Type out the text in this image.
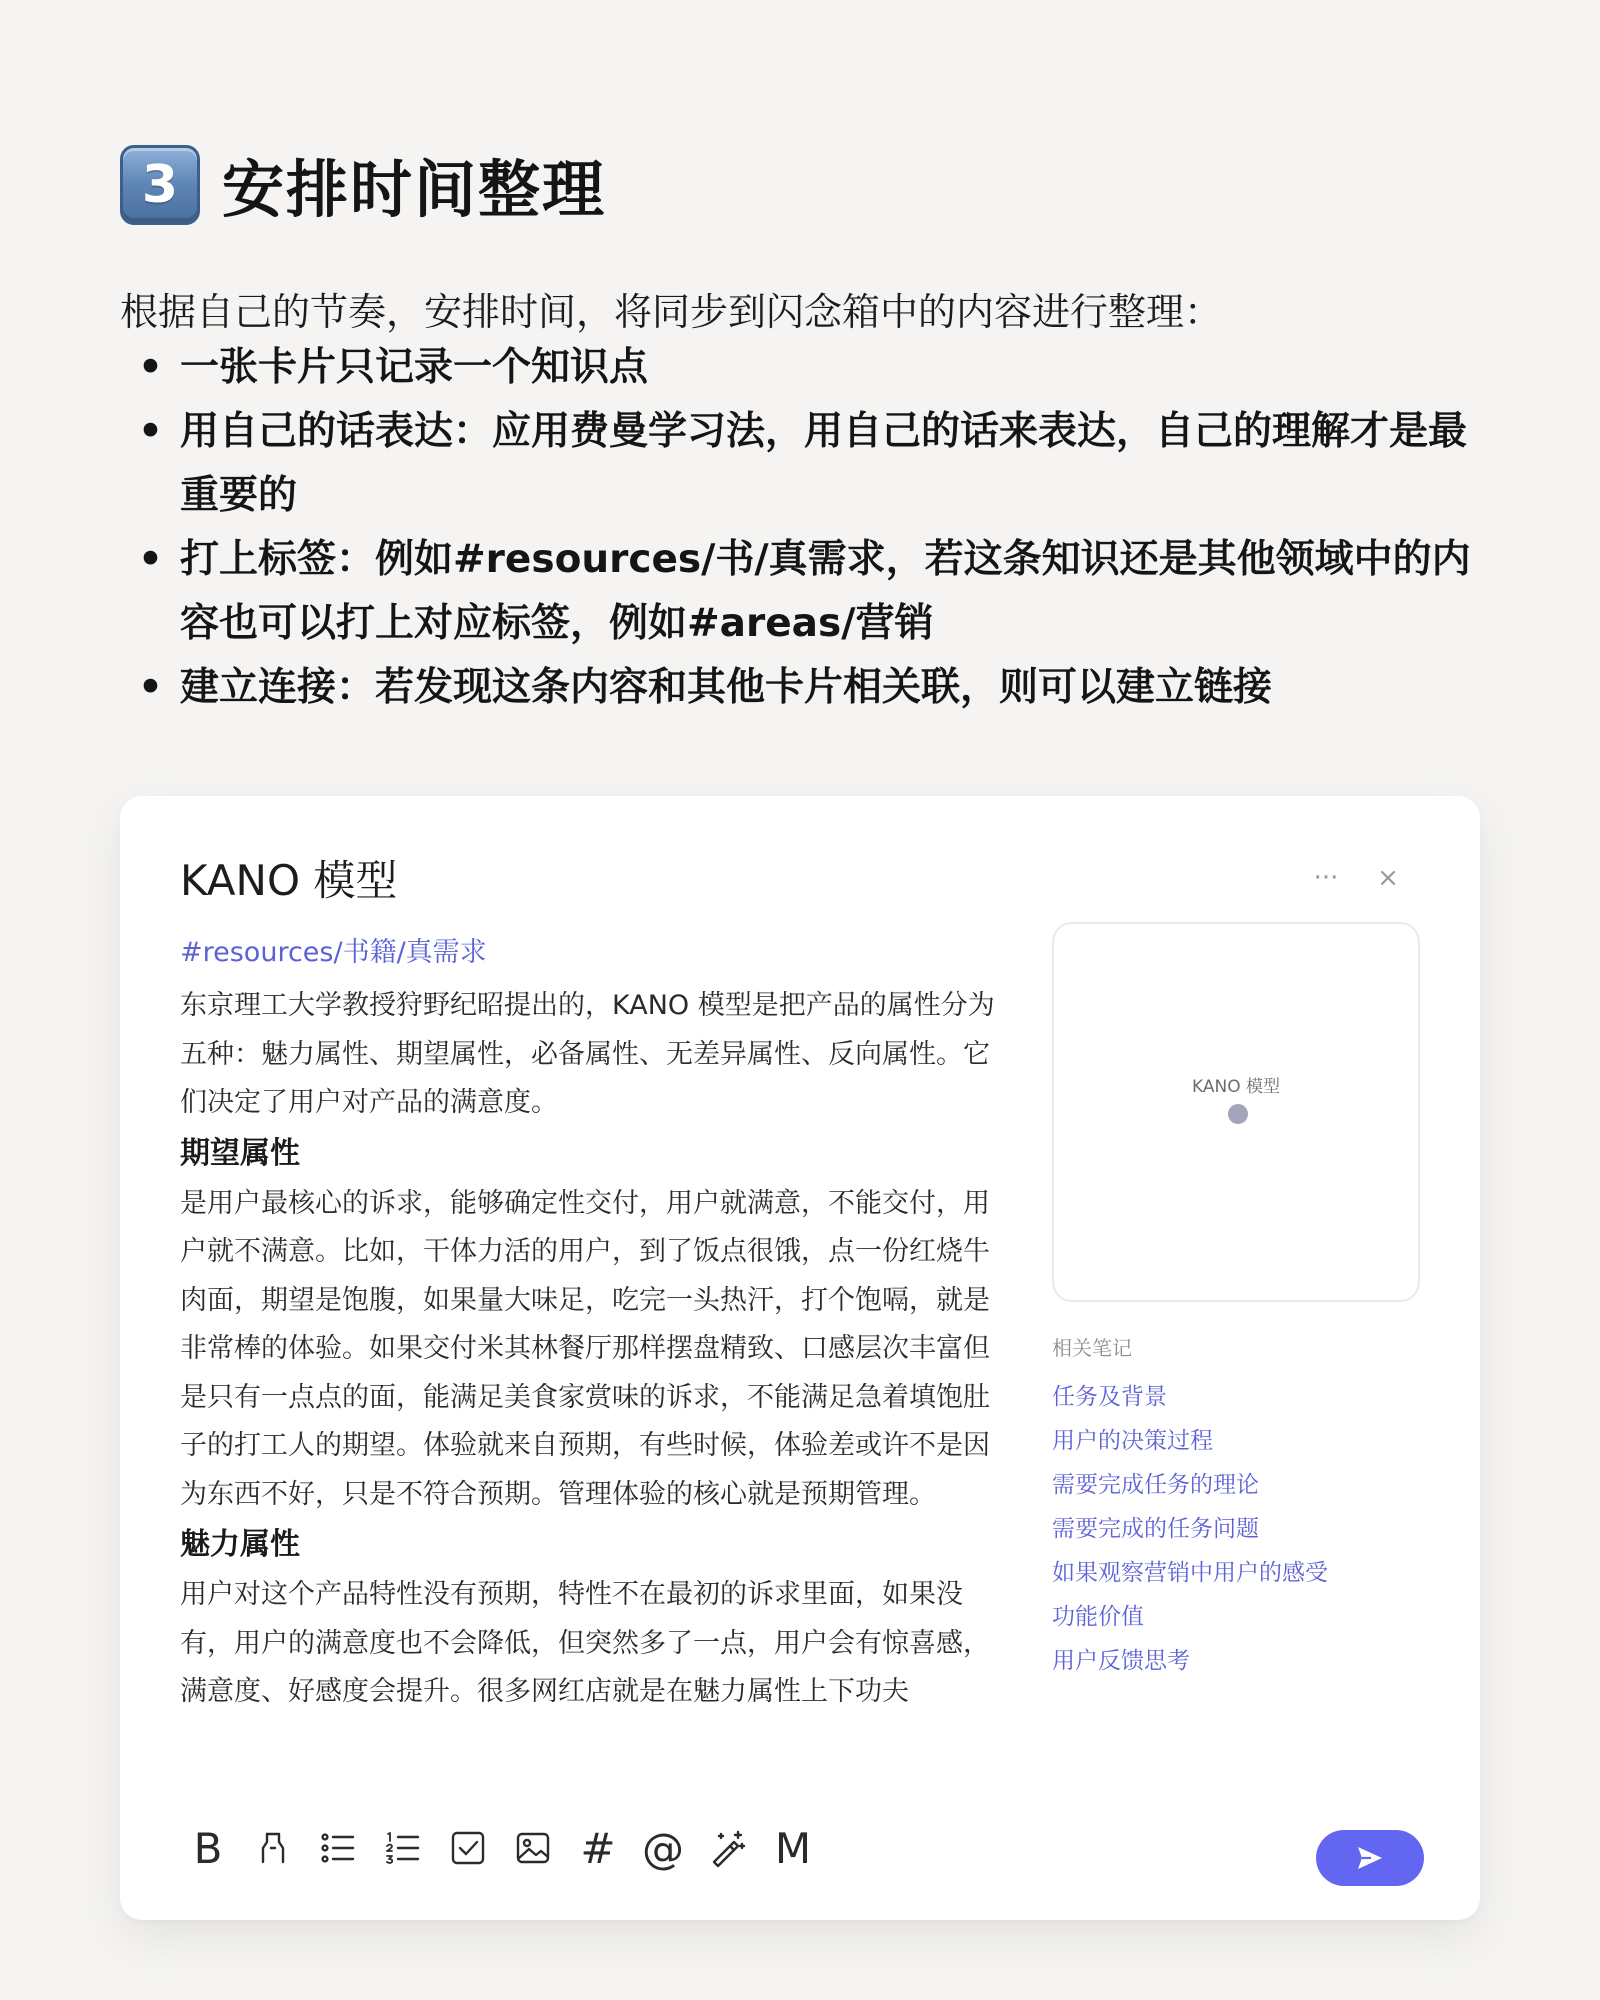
3 安排时间整理
根据自己的节奏，安排时间，将同步到闪念箱中的内容进行整理：
• 一张卡片只记录一个知识点
• 用自己的话表达：应用费曼学习法，用自己的话来表达，自己的理解才是最重要的
• 打上标签：例如#resources/书/真需求，若这条知识还是其他领域中的内容也可以打上对应标签，例如#areas/营销
• 建立连接：若发现这条内容和其他卡片相关联，则可以建立链接
KANO 模型	···	×
#resources/书籍/真需求

东京理工大学教授狩野纪昭提出的，KANO 模型是把产品的属性分为五种：魅力属性、期望属性，必备属性、无差异属性、反向属性。它们决定了用户对产品的满意度。

期望属性

是用户最核心的诉求，能够确定性交付，用户就满意，不能交付，用户就不满意。比如，干体力活的用户，到了饭点很饿，点一份红烧牛肉面，期望是饱腹，如果量大味足，吃完一头热汗，打个饱嗝，就是非常棒的体验。如果交付米其林餐厅那样摆盘精致、口感层次丰富但是只有一点点的面，能满足美食家赏味的诉求，不能满足急着填饱肚子的打工人的期望。体验就来自预期，有些时候，体验差或许不是因为东西不好，只是不符合预期。管理体验的核心就是预期管理。

魅力属性

用户对这个产品特性没有预期，特性不在最初的诉求里面，如果没有，用户的满意度也不会降低，但突然多了一点，用户会有惊喜感，满意度、好感度会提升。很多网红店就是在魅力属性上下功夫

KANO 模型
相关笔记
任务及背景
用户的决策过程
需要完成任务的理论
需要完成的任务问题
如果观察营销中用户的感受
功能价值
用户反馈思考
B	# @ M
